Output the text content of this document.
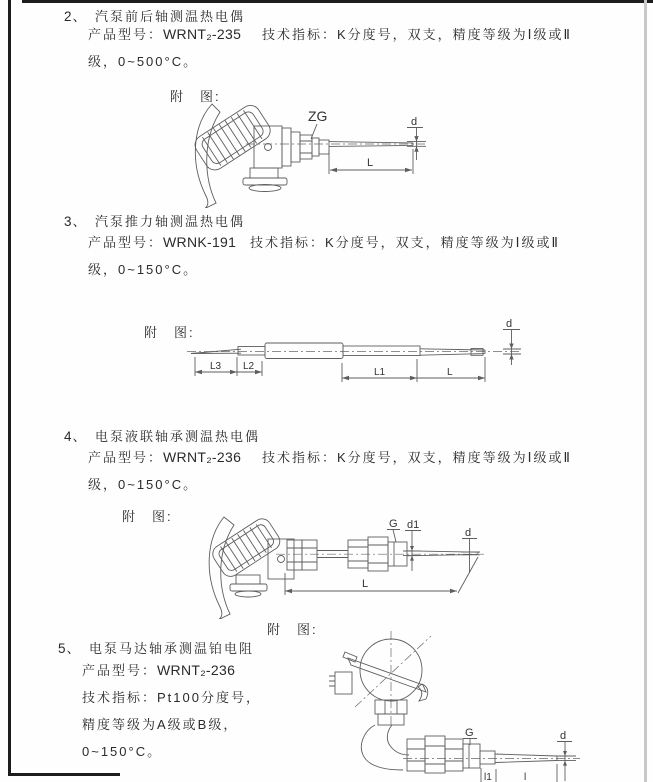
2、 汽泵前后轴测温热电偶
产品型号： WRNT₂-235 技术指标： K分度号，双支，精度等级为Ⅰ级或Ⅱ
级，0~500°C。
附　图:
ZG	d
L
3、 汽泵推力轴测温热电偶
产品型号： WRNK-191 技术指标： K分度号，双支，精度等级为Ⅰ级或Ⅱ
级，0~150°C。
附　图:
d
L3 L2
L1	L
4、 电泵液联轴承测温热电偶
产品型号： WRNT₂-236 技术指标： K分度号，双支，精度等级为Ⅰ级或Ⅱ
级，0~150°C。
附　图:	G d1
d
L
附　图:
5、 电泵马达轴承测温铂电阻
产品型号： WRNT₂-236
技术指标： Pt100分度号，
精度等级为A级或B级，
0~150°C。
G	d
l1	l
